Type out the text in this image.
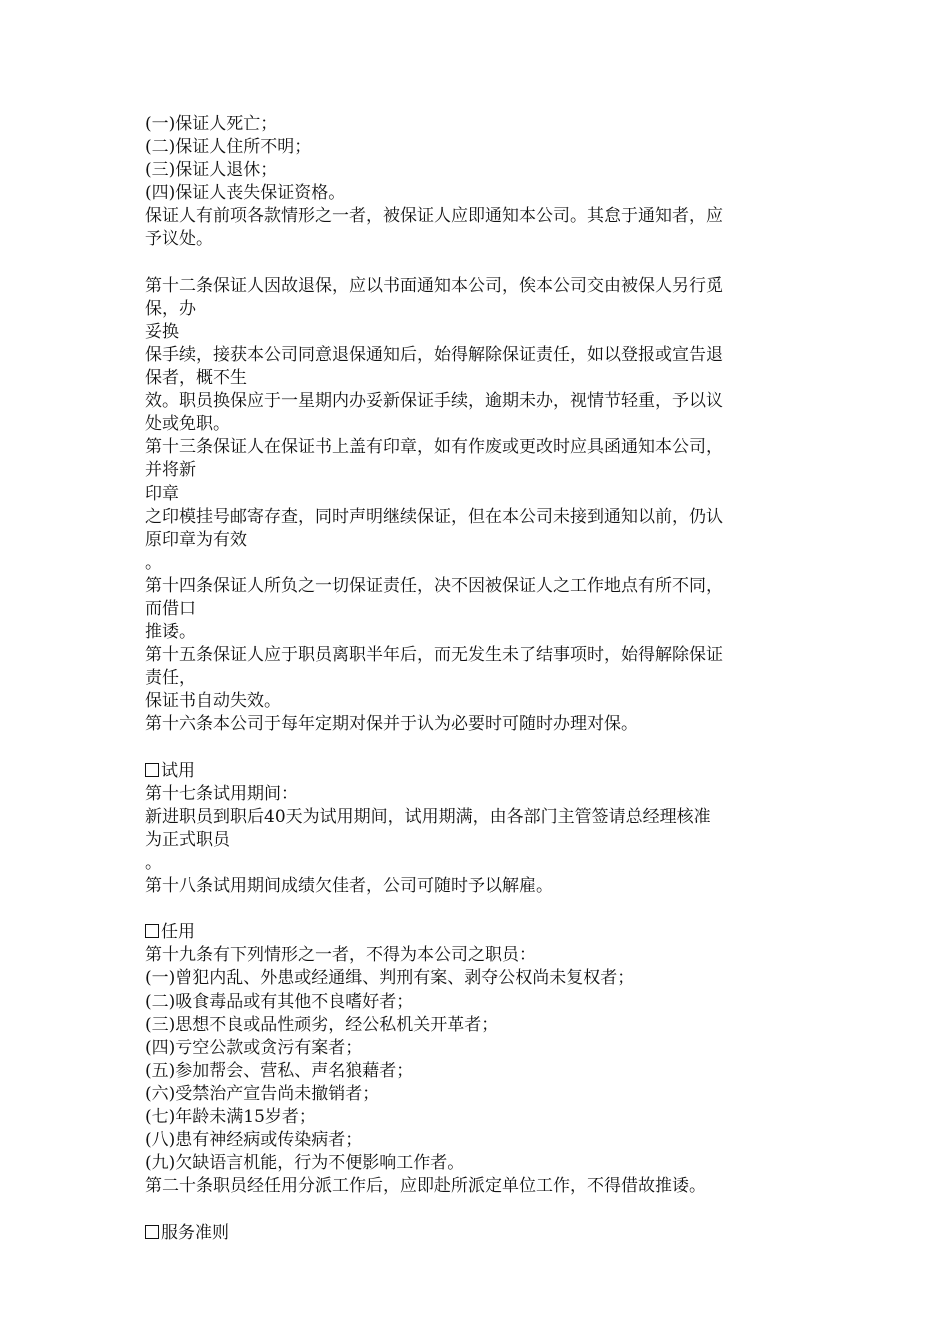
(一)保证人死亡；
(二)保证人住所不明；
(三)保证人退休；
(四)保证人丧失保证资格。
保证人有前项各款情形之一者，被保证人应即通知本公司。其怠于通知者，应
予议处。
第十二条保证人因故退保，应以书面通知本公司，俟本公司交由被保人另行觅
保，办
妥换
保手续，接获本公司同意退保通知后，始得解除保证责任，如以登报或宣告退
保者，概不生
效。职员换保应于一星期内办妥新保证手续，逾期未办，视情节轻重，予以议
处或免职。
第十三条保证人在保证书上盖有印章，如有作废或更改时应具函通知本公司，
并将新
印章
之印模挂号邮寄存查，同时声明继续保证，但在本公司未接到通知以前，仍认
原印章为有效
。
第十四条保证人所负之一切保证责任，决不因被保证人之工作地点有所不同，
而借口
推诿。
第十五条保证人应于职员离职半年后，而无发生未了结事项时，始得解除保证
责任，
保证书自动失效。
第十六条本公司于每年定期对保并于认为必要时可随时办理对保。
试用
第十七条试用期间：
新进职员到职后40天为试用期间，试用期满，由各部门主管签请总经理核准
为正式职员
。
第十八条试用期间成绩欠佳者，公司可随时予以解雇。
任用
第十九条有下列情形之一者，不得为本公司之职员：
(一)曾犯内乱、外患或经通缉、判刑有案、剥夺公权尚未复权者；
(二)吸食毒品或有其他不良嗜好者；
(三)思想不良或品性顽劣，经公私机关开革者；
(四)亏空公款或贪污有案者；
(五)参加帮会、营私、声名狼藉者；
(六)受禁治产宣告尚未撤销者；
(七)年龄未满15岁者；
(八)患有神经病或传染病者；
(九)欠缺语言机能，行为不便影响工作者。
第二十条职员经任用分派工作后，应即赴所派定单位工作，不得借故推诿。
服务准则
